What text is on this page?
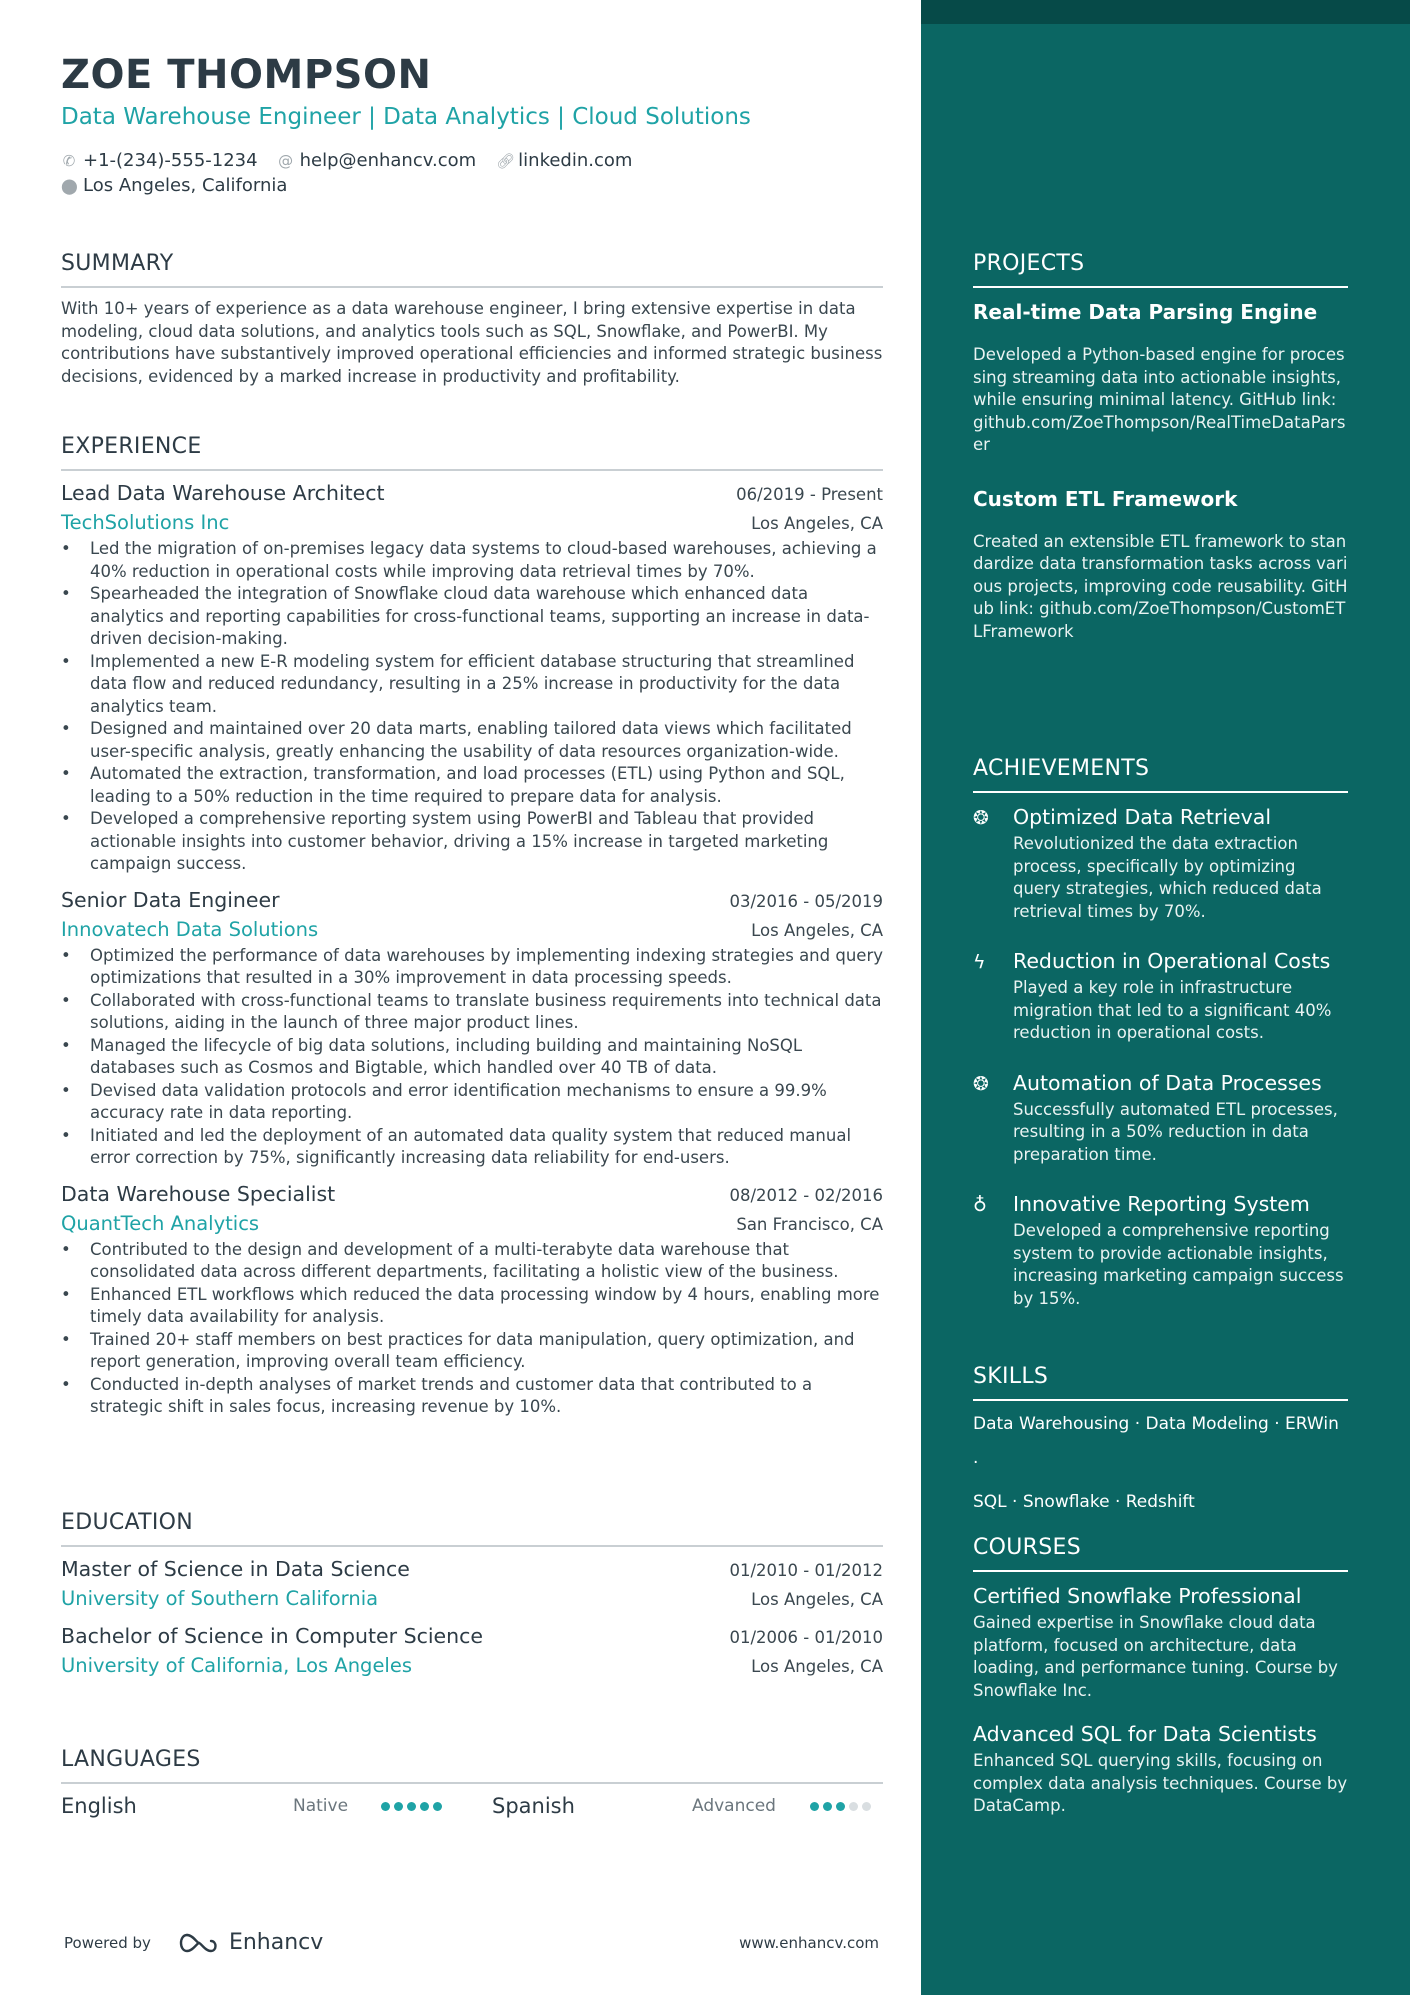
ZOE THOMPSON
Data Warehouse Engineer | Data Analytics | Cloud Solutions
✆ +1-(234)-555-1234 @ help@enhancv.com 🔗︎ linkedin.com
⬤ Los Angeles, California
SUMMARY
With 10+ years of experience as a data warehouse engineer, I bring extensive expertise in data modeling, cloud data solutions, and analytics tools such as SQL, Snowflake, and PowerBI. My contributions have substantively improved operational efficiencies and informed strategic business decisions, evidenced by a marked increase in productivity and profitability.
EXPERIENCE
Lead Data Warehouse Architect	06/2019 - Present
TechSolutions Inc	Los Angeles, CA
• Led the migration of on-premises legacy data systems to cloud-based warehouses, achieving a 40% reduction in operational costs while improving data retrieval times by 70%.
• Spearheaded the integration of Snowflake cloud data warehouse which enhanced data analytics and reporting capabilities for cross-functional teams, supporting an increase in data-driven decision-making.
• Implemented a new E-R modeling system for efficient database structuring that streamlined data flow and reduced redundancy, resulting in a 25% increase in productivity for the data analytics team.
• Designed and maintained over 20 data marts, enabling tailored data views which facilitated user-specific analysis, greatly enhancing the usability of data resources organization-wide.
• Automated the extraction, transformation, and load processes (ETL) using Python and SQL, leading to a 50% reduction in the time required to prepare data for analysis.
• Developed a comprehensive reporting system using PowerBI and Tableau that provided actionable insights into customer behavior, driving a 15% increase in targeted marketing campaign success.
Senior Data Engineer	03/2016 - 05/2019
Innovatech Data Solutions	Los Angeles, CA
• Optimized the performance of data warehouses by implementing indexing strategies and query optimizations that resulted in a 30% improvement in data processing speeds.
• Collaborated with cross-functional teams to translate business requirements into technical data solutions, aiding in the launch of three major product lines.
• Managed the lifecycle of big data solutions, including building and maintaining NoSQL databases such as Cosmos and Bigtable, which handled over 40 TB of data.
• Devised data validation protocols and error identification mechanisms to ensure a 99.9% accuracy rate in data reporting.
• Initiated and led the deployment of an automated data quality system that reduced manual error correction by 75%, significantly increasing data reliability for end-users.
Data Warehouse Specialist	08/2012 - 02/2016
QuantTech Analytics	San Francisco, CA
• Contributed to the design and development of a multi-terabyte data warehouse that consolidated data across different departments, facilitating a holistic view of the business.
• Enhanced ETL workflows which reduced the data processing window by 4 hours, enabling more timely data availability for analysis.
• Trained 20+ staff members on best practices for data manipulation, query optimization, and report generation, improving overall team efficiency.
• Conducted in-depth analyses of market trends and customer data that contributed to a strategic shift in sales focus, increasing revenue by 10%.
EDUCATION
Master of Science in Data Science	01/2010 - 01/2012
University of Southern California	Los Angeles, CA
Bachelor of Science in Computer Science	01/2006 - 01/2010
University of California, Los Angeles	Los Angeles, CA
LANGUAGES
English	Native	Spanish	Advanced
Powered by	Enhancv	www.enhancv.com
PROJECTS
Real-time Data Parsing Engine
Developed a Python-based engine for processing streaming data into actionable insights, while ensuring minimal latency. GitHub link: github.com/ZoeThompson/RealTimeDataParser
Custom ETL Framework
Created an extensible ETL framework to standardize data transformation tasks across various projects, improving code reusability. GitHub link: github.com/ZoeThompson/CustomETLFramework
ACHIEVEMENTS
❂	Optimized Data Retrieval
Revolutionized the data extraction process, specifically by optimizing query strategies, which reduced data retrieval times by 70%.
ϟ	Reduction in Operational Costs
Played a key role in infrastructure migration that led to a significant 40% reduction in operational costs.
❂	Automation of Data Processes
Successfully automated ETL processes, resulting in a 50% reduction in data preparation time.
♁	Innovative Reporting System
Developed a comprehensive reporting system to provide actionable insights, increasing marketing campaign success by 15%.
SKILLS
Data Warehousing · Data Modeling · ERWin ·
SQL · Snowflake · Redshift
COURSES
Certified Snowflake Professional
Gained expertise in Snowflake cloud data platform, focused on architecture, data loading, and performance tuning. Course by Snowflake Inc.
Advanced SQL for Data Scientists
Enhanced SQL querying skills, focusing on complex data analysis techniques. Course by DataCamp.
